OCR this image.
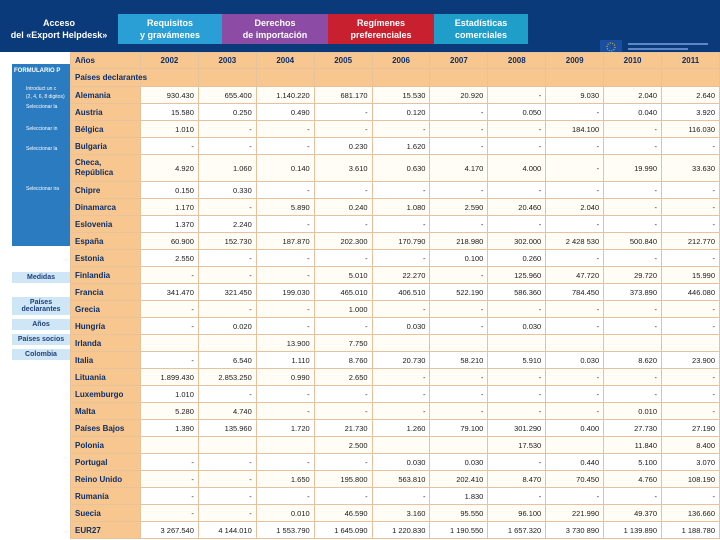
Acceso
del «Export Helpdesk»
Requisitos
y gravámenes
Derechos
de importación
Regímenes
preferenciales
Estadísticas
comerciales
FORMULARIO P
Introduct un c
(2, 4, 6, 8 digitos)
Seleccionar la
Seleccionar in
Seleccionar la
Seleccionar ira
Medidas
Países declarantes
Años
Países socios
Colombia
Años	2002	2003	2004	2005	2006	2007	2008	2009	2010	2011
Países declarantes										
Alemania	930.430	655.400	1.140.220	681.170	15.530	20.920	-	9.030	2.040	2.640
Austria	15.580	0.250	0.490	-	0.120	-	0.050	-	0.040	3.920
Bélgica	1.010	-	-	-	-	-	-	184.100	-	116.030
Bulgaria	-	-	-	0.230	1.620	-	-	-	-	-
Checa, República	4.920	1.060	0.140	3.610	0.630	4.170	4.000	-	19.990	33.630
Chipre	0.150	0.330	-	-	-	-	-	-	-	-
Dinamarca	1.170	-	5.890	0.240	1.080	2.590	20.460	2.040	-	-
Eslovenia	1.370	2.240	-	-	-	-	-	-	-	-
España	60.900	152.730	187.870	202.300	170.790	218.980	302.000	2 428 530	500.840	212.770
Estonia	2.550	-	-	-	-	0.100	0.260	-	-	-
Finlandia	-	-	-	5.010	22.270	-	125.960	47.720	29.720	15.990
Francia	341.470	321.450	199.030	465.010	406.510	522.190	586.360	784.450	373.890	446.080
Grecia	-	-	-	1.000	-	-	-	-	-	-
Hungría	-	0.020	-	-	0.030	-	0.030	-	-	-
Irlanda			13.900	7.750						
Italia	-	6.540	1.110	8.760	20.730	58.210	5.910	0.030	8.620	23.900
Lituania	1.899.430	2.853.250	0.990	2.650	-	-	-	-	-	-
Luxemburgo	1.010	-	-	-	-	-	-	-	-	-
Malta	5.280	4.740	-	-	-	-	-	-	0.010	-
Países Bajos	1.390	135.960	1.720	21.730	1.260	79.100	301.290	0.400	27.730	27.190
Polonia				2.500			17.530		11.840	8.400
Portugal	-	-	-	-	0.030	0.030	-	0.440	5.100	3.070
Reino Unido	-	-	1.650	195.800	563.810	202.410	8.470	70.450	4.760	108.190
Rumanía	-	-	-	-	-	1.830	-	-	-	-
Suecia	-	-	0.010	46.590	3.160	95.550	96.100	221.990	49.370	136.660
EUR27	3 267.540	4 144.010	1 553.790	1 645.090	1 220.830	1 190.550	1 657.320	3 730 890	1 139.890	1 188.780
